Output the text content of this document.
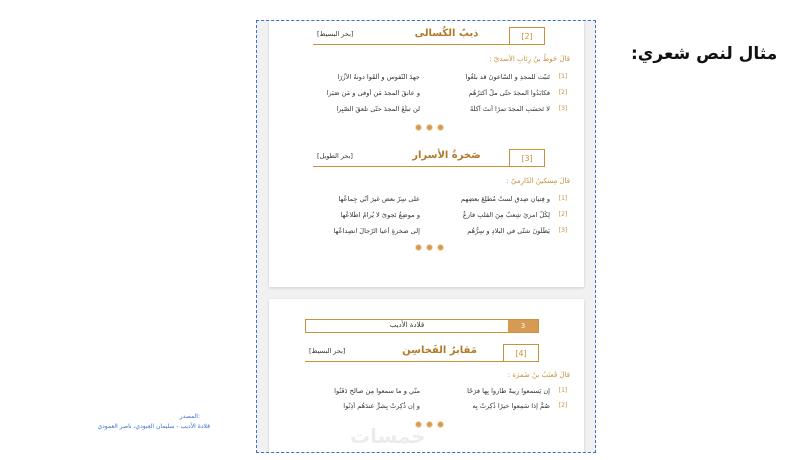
مثال لنص شعري:
[2]
ذيبُ الكُسالى
[بحر البسيط]
قالَ حَوطُ بنُ رِئابِ الأسديّ :
[1]
تَنبّت للمجدِ و السّاعونَ قد بلغُوا
جهدَ النّفوسِ و ألقَوا دونهُ الأزُرَا
[2]
فكابَدُوا المجدَ حتّى ملّ أكثرُهُم
و عانقَ المجدَ مَن أوفى و مَن صَبَرا
[3]
لا تَحسَبِ المجدَ تمرًا أنتَ آكلُهُ
لن تبلُغَ المجدَ حتّى تلعقَ الصّبِرا
[3]
صَخرةُ الأسرار
[بحر الطويل]
قالَ مِسكينُ الدّارِميّ :
[1]
و فِتيانِ صِدقٍ لستُ مُطلِعَ بعضِهِم
على سِرّ بعضٍ غيرَ أنّي جِماعُها
[2]
لِكُلّ امرئٍ شِعبٌ مِنَ القلبِ فارغٌ
و موضِعُ نَجوىً لا يُرامُ اطّلاعُها
[3]
يَظَلّونَ شتّى في البلادِ و سِرُّهُم
إلى صخرةٍ أعيا الرّجالَ انصِداعُها
قلادة الأديب	3
[4]
مَقابرُ الفَخاسِن
[بحر البسيط]
قالَ قَعنَبُ بنُ ضَمرَة :
[1]
إن يَسمعوا رِيبةً طاروا بِها فرَحًا
منّي و ما سمعوا مِن صالحٍ دَفَنُوا
[2]
صُمٌّ إذا سَمِعوا خيرًا ذُكِرتُ بِه
و إن ذُكِرتُ بِشرٍّ عندَهُم أذِنُوا
المصدر:
قلادة الأديب - سليمان العبودي، ناصر العمودي	خمسات
